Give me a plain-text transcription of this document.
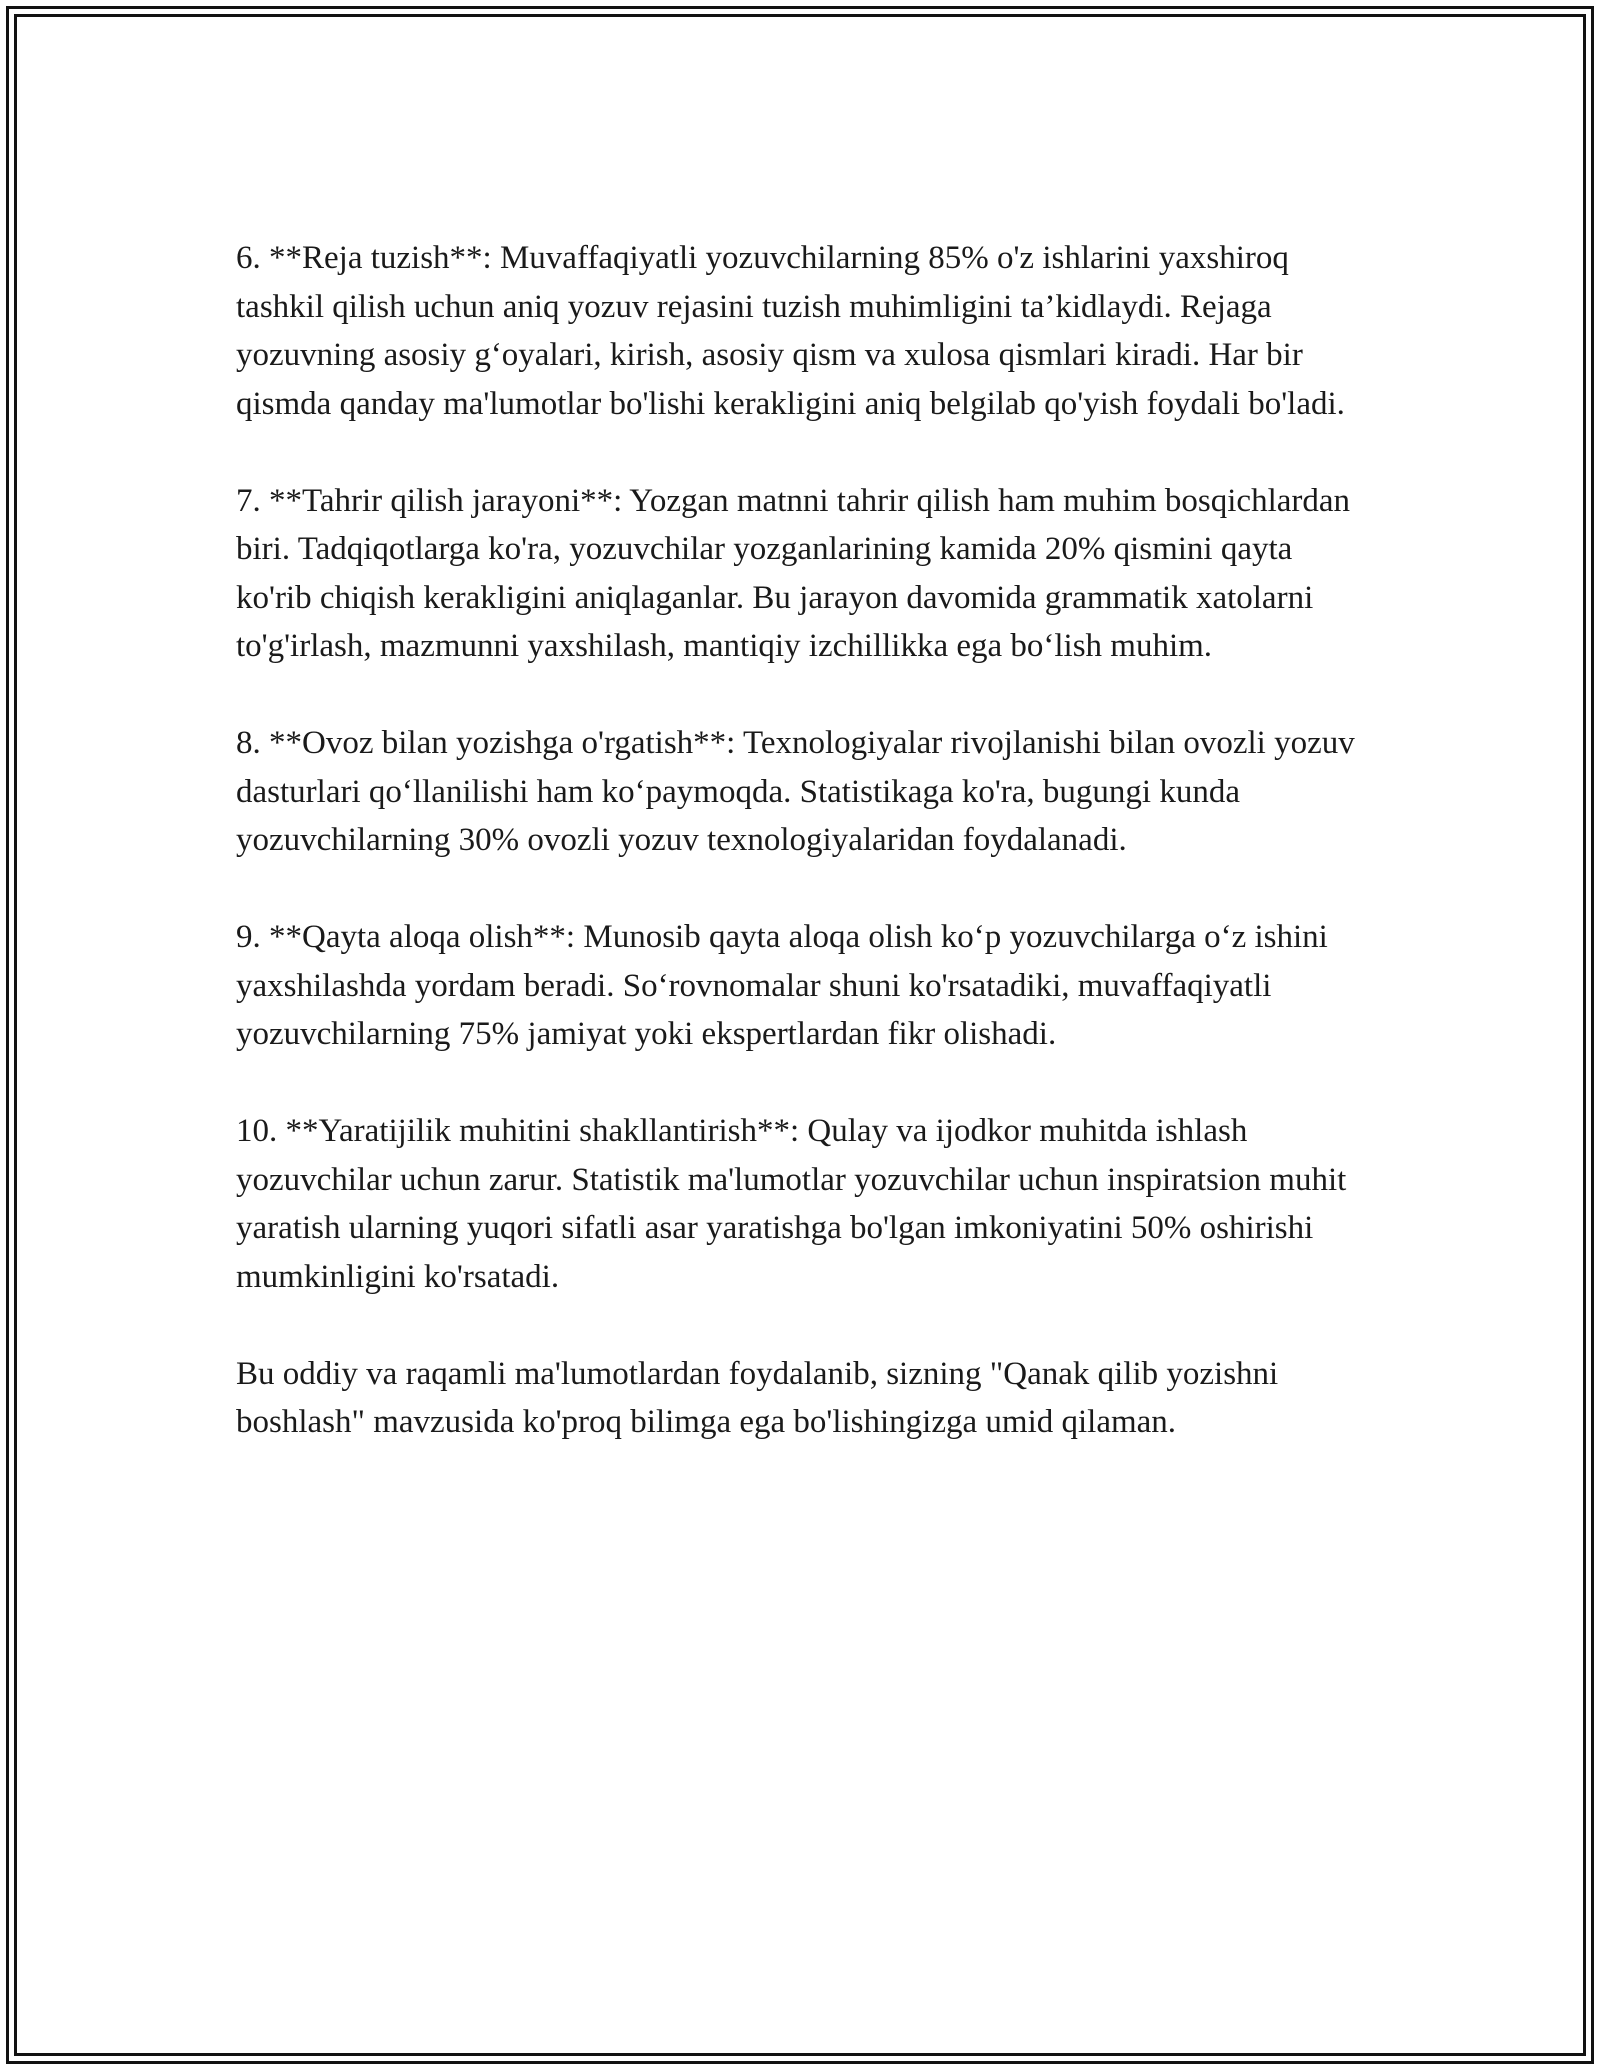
6. **Reja tuzish**: Muvaffaqiyatli yozuvchilarning 85% o'z ishlarini yaxshiroq tashkil qilish uchun aniq yozuv rejasini tuzish muhimligini ta’kidlaydi. Rejaga yozuvning asosiy g‘oyalari, kirish, asosiy qism va xulosa qismlari kiradi. Har bir qismda qanday ma'lumotlar bo'lishi kerakligini aniq belgilab qo'yish foydali bo'ladi.

7. **Tahrir qilish jarayoni**: Yozgan matnni tahrir qilish ham muhim bosqichlardan biri. Tadqiqotlarga ko'ra, yozuvchilar yozganlarining kamida 20% qismini qayta ko'rib chiqish kerakligini aniqlaganlar. Bu jarayon davomida grammatik xatolarni to'g'irlash, mazmunni yaxshilash, mantiqiy izchillikka ega bo‘lish muhim.

8. **Ovoz bilan yozishga o'rgatish**: Texnologiyalar rivojlanishi bilan ovozli yozuv dasturlari qo‘llanilishi ham ko‘paymoqda. Statistikaga ko'ra, bugungi kunda yozuvchilarning 30% ovozli yozuv texnologiyalaridan foydalanadi.

9. **Qayta aloqa olish**: Munosib qayta aloqa olish ko‘p yozuvchilarga o‘z ishini yaxshilashda yordam beradi. So‘rovnomalar shuni ko'rsatadiki, muvaffaqiyatli yozuvchilarning 75% jamiyat yoki ekspertlardan fikr olishadi.

10. **Yaratijilik muhitini shakllantirish**: Qulay va ijodkor muhitda ishlash yozuvchilar uchun zarur. Statistik ma'lumotlar yozuvchilar uchun inspiratsion muhit yaratish ularning yuqori sifatli asar yaratishga bo'lgan imkoniyatini 50% oshirishi mumkinligini ko'rsatadi.

Bu oddiy va raqamli ma'lumotlardan foydalanib, sizning "Qanak qilib yozishni boshlash" mavzusida ko'proq bilimga ega bo'lishingizga umid qilaman.
